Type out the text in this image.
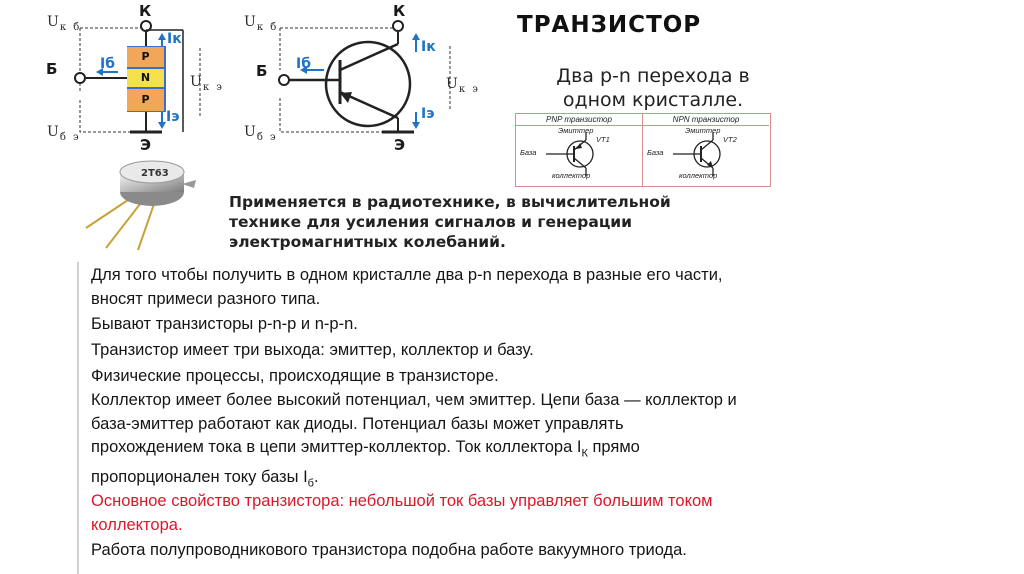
P
N
P
$U_{к б}$
К
Б
Э
Iк
Iб
Iэ
$U_{к э}$
$U_{б э}$
$U_{к б}$
К
Б
Э
Iк
Iб
Iэ
$U_{к э}$
$U_{б э}$
ТРАНЗИСТОР
Два p-n перехода в
одном кристалле.
PNP транзистор
Эмиттер
VT1
База
коллектор
NPN транзистор
Эмиттер
VT2
База
коллектор
2Т63
Применяется в радиотехнике, в вычислительной
технике для усиления сигналов и генерации
электромагнитных колебаний.

Для того чтобы получить в одном кристалле два p-n перехода в разные его части,

вносят примеси разного типа.

Бывают транзисторы p-n-p и n-p-n.

Транзистор имеет три выхода: эмиттер, коллектор и базу.

Физические процессы, происходящие в транзисторе.

Коллектор имеет более высокий потенциал, чем эмиттер. Цепи база — коллектор и

база-эмиттер работают как диоды. Потенциал базы может управлять

прохождением тока в цепи эмиттер-коллектор. Ток коллектора $I_К$ прямо

пропорционален току базы $I_б$.

Основное свойство транзистора: небольшой ток базы управляет большим током

коллектора.

Работа полупроводникового транзистора подобна работе вакуумного триода.
